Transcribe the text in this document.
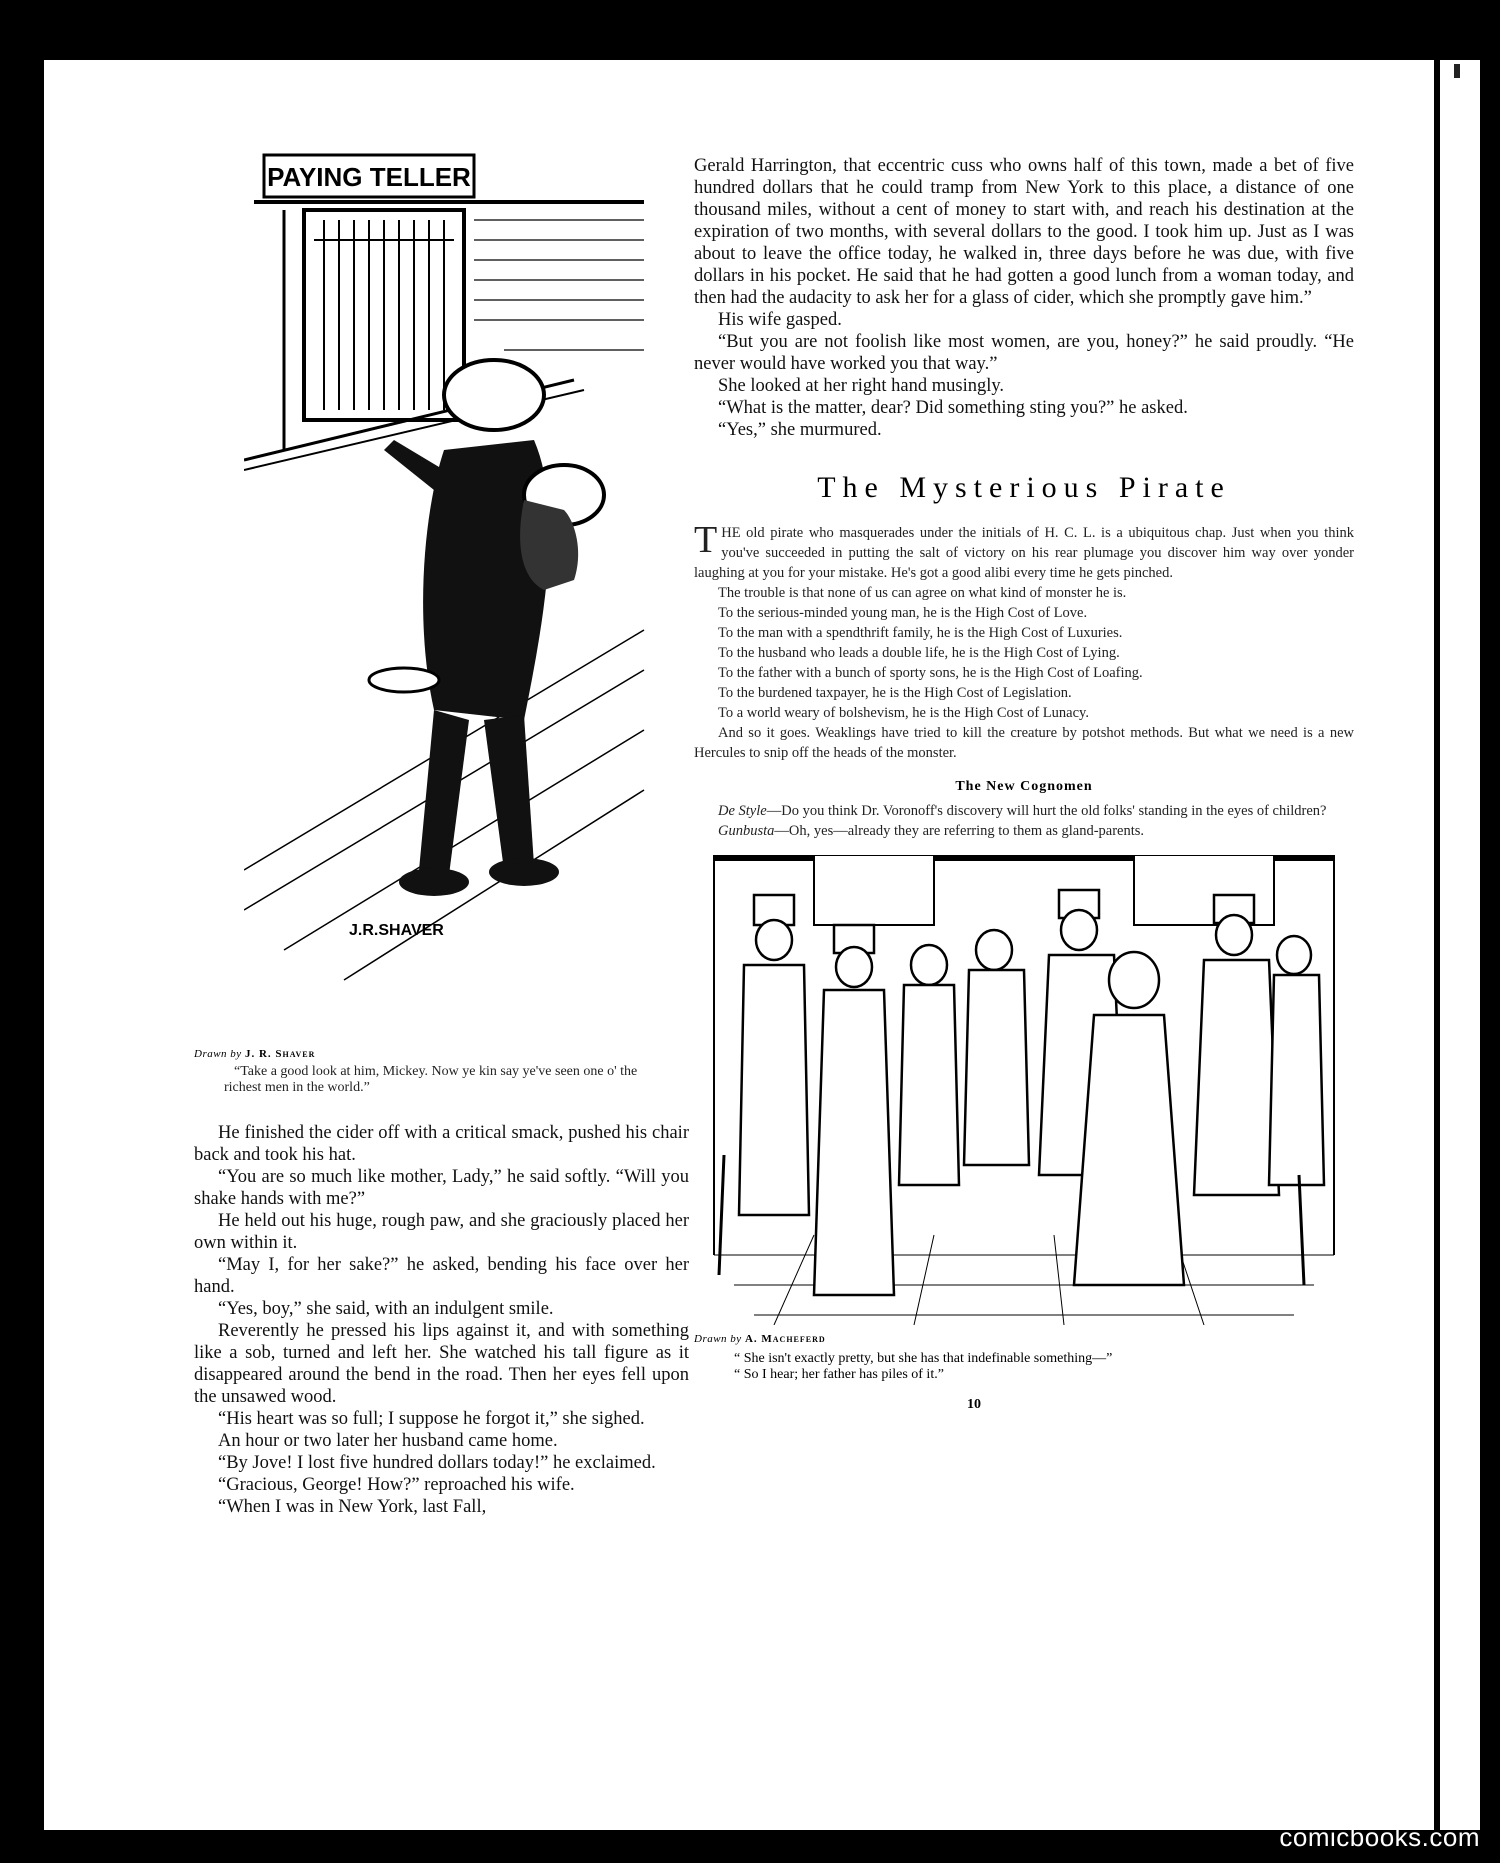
PAYING TELLER
J.R.SHAVER
Drawn by J. R. Shaver

“Take a good look at him, Mickey. Now ye kin say ye've seen one o' the richest men in the world.”

He finished the cider off with a critical smack, pushed his chair back and took his hat.

“You are so much like mother, Lady,” he said softly. “Will you shake hands with me?”

He held out his huge, rough paw, and she graciously placed her own within it.

“May I, for her sake?” he asked, bending his face over her hand.

“Yes, boy,” she said, with an indulgent smile.

Reverently he pressed his lips against it, and with something like a sob, turned and left her. She watched his tall figure as it disappeared around the bend in the road. Then her eyes fell upon the unsawed wood.

“His heart was so full; I suppose he forgot it,” she sighed.

An hour or two later her husband came home.

“By Jove! I lost five hundred dollars today!” he exclaimed.

“Gracious, George! How?” reproached his wife.

“When I was in New York, last Fall,

Gerald Harrington, that eccentric cuss who owns half of this town, made a bet of five hundred dollars that he could tramp from New York to this place, a distance of one thousand miles, without a cent of money to start with, and reach his destination at the expiration of two months, with several dollars to the good. I took him up. Just as I was about to leave the office today, he walked in, three days before he was due, with five dollars in his pocket. He said that he had gotten a good lunch from a woman today, and then had the audacity to ask her for a glass of cider, which she promptly gave him.”

His wife gasped.

“But you are not foolish like most women, are you, honey?” he said proudly. “He never would have worked you that way.”

She looked at her right hand musingly.

“What is the matter, dear? Did something sting you?” he asked.

“Yes,” she murmured.

The Mysterious Pirate

THE old pirate who masquerades under the initials of H. C. L. is a ubiquitous chap. Just when you think you've succeeded in putting the salt of victory on his rear plumage you discover him way over yonder laughing at you for your mistake. He's got a good alibi every time he gets pinched.

The trouble is that none of us can agree on what kind of monster he is.

To the serious-minded young man, he is the High Cost of Love.

To the man with a spendthrift family, he is the High Cost of Luxuries.

To the husband who leads a double life, he is the High Cost of Lying.

To the father with a bunch of sporty sons, he is the High Cost of Loafing.

To the burdened taxpayer, he is the High Cost of Legislation.

To a world weary of bolshevism, he is the High Cost of Lunacy.

And so it goes. Weaklings have tried to kill the creature by potshot methods. But what we need is a new Hercules to snip off the heads of the monster.

The New Cognomen

De Style—Do you think Dr. Voronoff's discovery will hurt the old folks' standing in the eyes of children?

Gunbusta—Oh, yes—already they are referring to them as gland-parents.

Drawn by A. Macheferd

“ She isn't exactly pretty, but she has that indefinable something—”

“ So I hear; her father has piles of it.”

10
comicbooks.com
